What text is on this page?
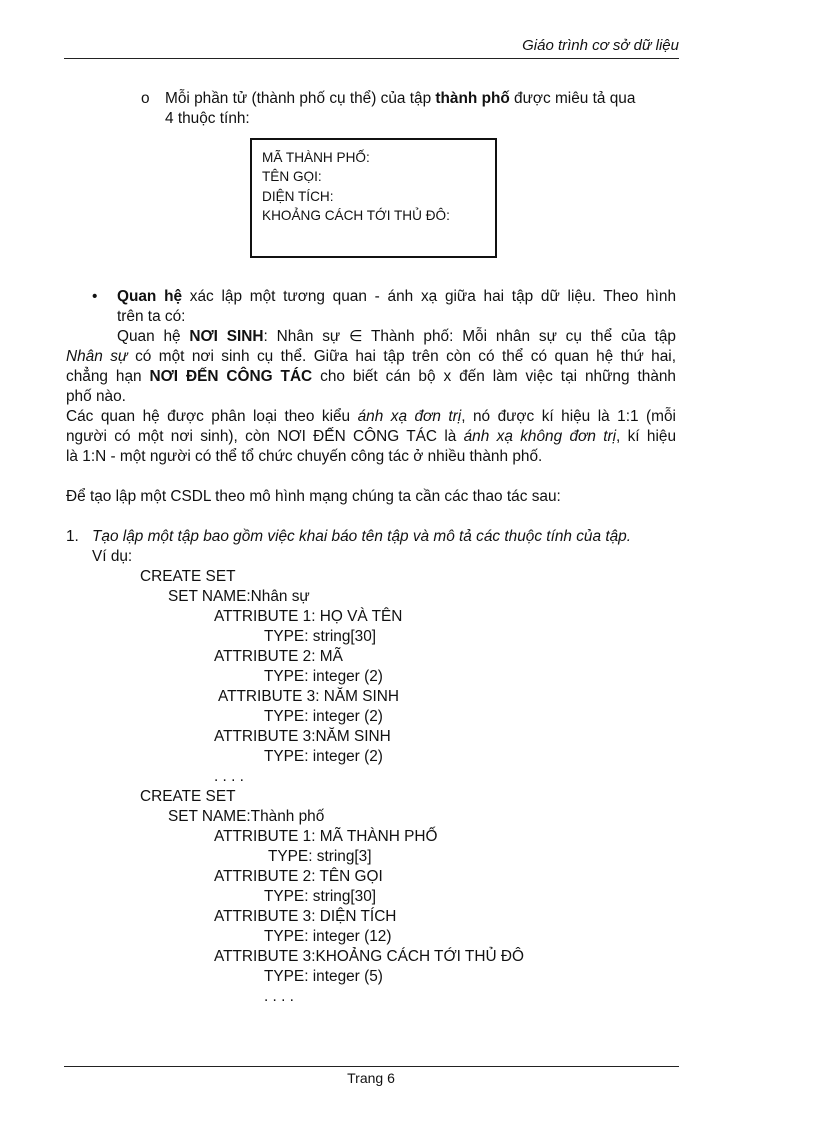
Giáo trình cơ sở dữ liệu
o Mỗi phần tử (thành phố cụ thể) của tập thành phố được miêu tả qua
4 thuộc tính:
MÃ THÀNH PHỐ:
TÊN GỌI:
DIỆN TÍCH:
KHOẢNG CÁCH TỚI THỦ ĐÔ:
• Quan hệ xác lập một tương quan - ánh xạ giữa hai tập dữ liệu. Theo hình
trên ta có:
Quan hệ NƠI SINH: Nhân sự ∈ Thành phố: Mỗi nhân sự cụ thể của tập
Nhân sự có một nơi sinh cụ thể. Giữa hai tập trên còn có thể có quan hệ thứ hai,
chẳng hạn NƠI ĐẾN CÔNG TÁC cho biết cán bộ x đến làm việc tại những thành
phố nào.
Các quan hệ được phân loại theo kiểu ánh xạ đơn trị, nó được kí hiệu là 1:1 (mỗi
người có một nơi sinh), còn NƠI ĐẾN CÔNG TÁC là ánh xạ không đơn trị, kí hiệu
là 1:N - một người có thể tổ chức chuyến công tác ở nhiều thành phố.
Để tạo lập một CSDL theo mô hình mạng chúng ta cần các thao tác sau:
1. Tạo lập một tập bao gồm việc khai báo tên tập và mô tả các thuộc tính của tập.
Ví dụ:
CREATE SET
SET NAME:Nhân sự
ATTRIBUTE 1: HỌ VÀ TÊN
TYPE: string[30]
ATTRIBUTE 2: MÃ
TYPE: integer (2)
ATTRIBUTE 3: NĂM SINH
TYPE: integer (2)
ATTRIBUTE 3:NĂM SINH
TYPE: integer (2)
. . . .
CREATE SET
SET NAME:Thành phố
ATTRIBUTE 1: MÃ THÀNH PHỐ
TYPE: string[3]
ATTRIBUTE 2: TÊN GỌI
TYPE: string[30]
ATTRIBUTE 3: DIỆN TÍCH
TYPE: integer (12)
ATTRIBUTE 3:KHOẢNG CÁCH TỚI THỦ ĐÔ
TYPE: integer (5)
. . . .
Trang 6
